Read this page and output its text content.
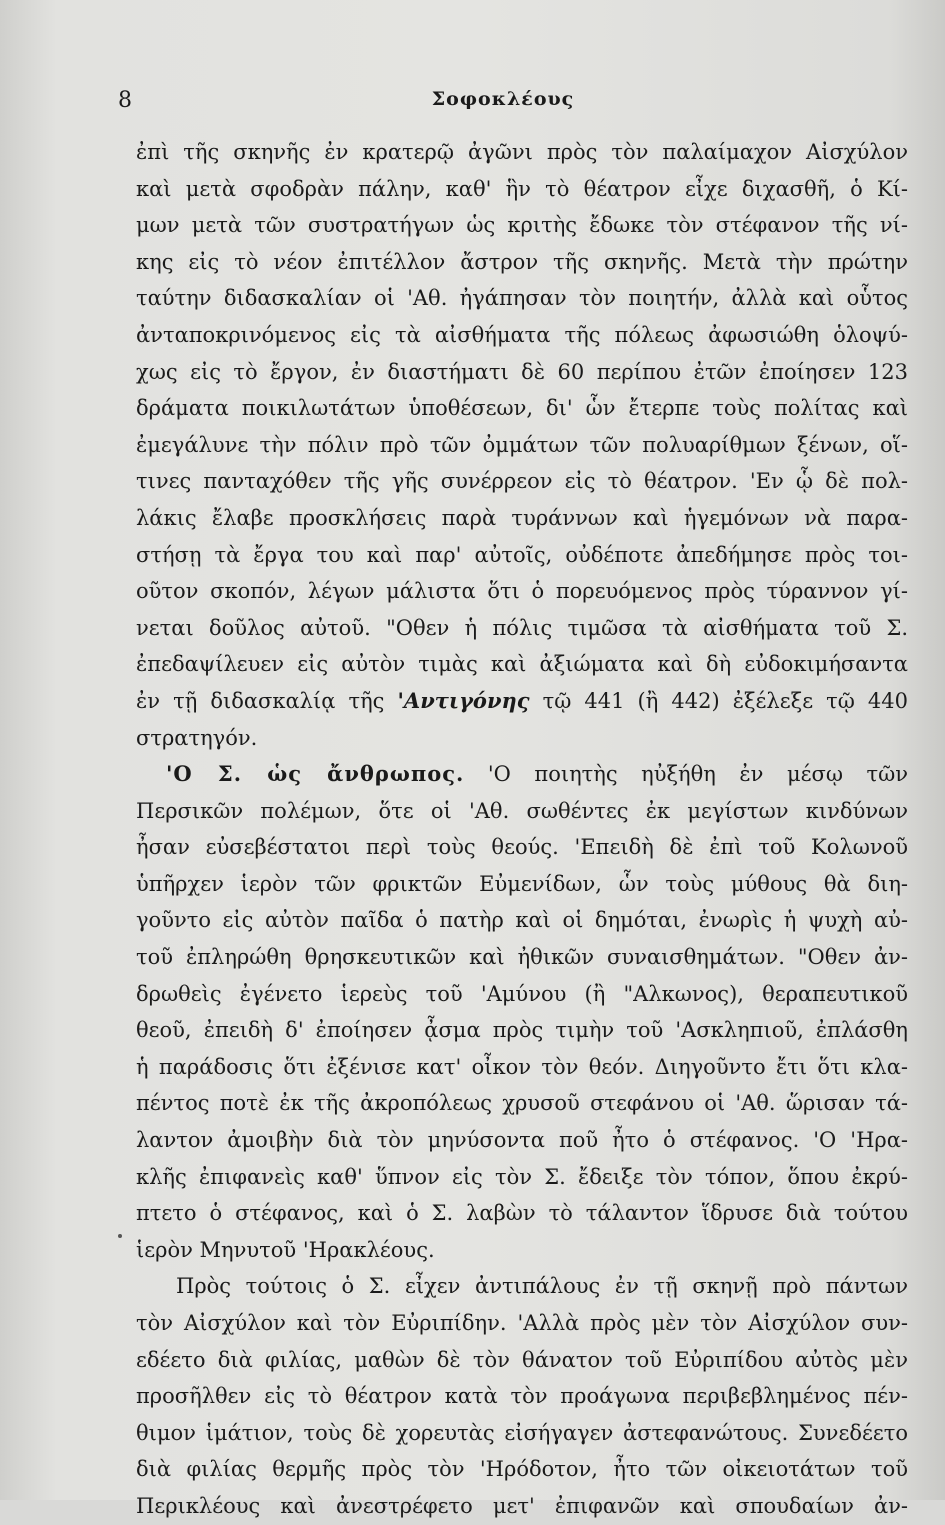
8	Σοφοκλέους
ἐπὶ τῆς σκηνῆς ἐν κρατερῷ ἀγῶνι πρὸς τὸν παλαίμαχον Αἰσχύλον
καὶ μετὰ σφοδρὰν πάλην, καθ' ἣν τὸ θέατρον εἶχε διχασθῆ, ὁ Κί-
μων μετὰ τῶν συστρατήγων ὡς κριτὴς ἔδωκε τὸν στέφανον τῆς νί-
κης εἰς τὸ νέον ἐπιτέλλον ἄστρον τῆς σκηνῆς. Μετὰ τὴν πρώτην
ταύτην διδασκαλίαν οἱ 'Αθ. ἠγάπησαν τὸν ποιητήν, ἀλλὰ καὶ οὗτος
ἀνταποκρινόμενος εἰς τὰ αἰσθήματα τῆς πόλεως ἀφωσιώθη ὁλοψύ-
χως εἰς τὸ ἔργον, ἐν διαστήματι δὲ 60 περίπου ἐτῶν ἐποίησεν 123
δράματα ποικιλωτάτων ὑποθέσεων, δι' ὧν ἔτερπε τοὺς πολίτας καὶ
ἐμεγάλυνε τὴν πόλιν πρὸ τῶν ὀμμάτων τῶν πολυαρίθμων ξένων, οἵ-
τινες πανταχόθεν τῆς γῆς συνέρρεον εἰς τὸ θέατρον. 'Εν ᾧ δὲ πολ-
λάκις ἔλαβε προσκλήσεις παρὰ τυράννων καὶ ἡγεμόνων νὰ παρα-
στήσῃ τὰ ἔργα του καὶ παρ' αὐτοῖς, οὐδέποτε ἀπεδήμησε πρὸς τοι-
οῦτον σκοπόν, λέγων μάλιστα ὅτι ὁ πορευόμενος πρὸς τύραννον γί-
νεται δοῦλος αὐτοῦ. "Οθεν ἡ πόλις τιμῶσα τὰ αἰσθήματα τοῦ Σ.
ἐπεδαψίλευεν εἰς αὐτὸν τιμὰς καὶ ἀξιώματα καὶ δὴ εὐδοκιμήσαντα
ἐν τῇ διδασκαλίᾳ τῆς 'Αντιγόνης τῷ 441 (ἢ 442) ἐξέλεξε τῷ 440
στρατηγόν.
'Ο Σ. ὡς ἄνθρωπος. 'Ο ποιητὴς ηὐξήθη ἐν μέσῳ τῶν
Περσικῶν πολέμων, ὅτε οἱ 'Αθ. σωθέντες ἐκ μεγίστων κινδύνων
ἦσαν εὐσεβέστατοι περὶ τοὺς θεούς. 'Επειδὴ δὲ ἐπὶ τοῦ Κολωνοῦ
ὑπῆρχεν ἱερὸν τῶν φρικτῶν Εὐμενίδων, ὧν τοὺς μύθους θὰ διη-
γοῦντο εἰς αὐτὸν παῖδα ὁ πατὴρ καὶ οἱ δημόται, ἐνωρὶς ἡ ψυχὴ αὐ-
τοῦ ἐπληρώθη θρησκευτικῶν καὶ ἠθικῶν συναισθημάτων. "Οθεν ἀν-
δρωθεὶς ἐγένετο ἱερεὺς τοῦ 'Αμύνου (ἢ "Αλκωνος), θεραπευτικοῦ
θεοῦ, ἐπειδὴ δ' ἐποίησεν ᾆσμα πρὸς τιμὴν τοῦ 'Ασκληπιοῦ, ἐπλάσθη
ἡ παράδοσις ὅτι ἐξένισε κατ' οἶκον τὸν θεόν. Διηγοῦντο ἔτι ὅτι κλα-
πέντος ποτὲ ἐκ τῆς ἀκροπόλεως χρυσοῦ στεφάνου οἱ 'Αθ. ὥρισαν τά-
λαντον ἀμοιβὴν διὰ τὸν μηνύσοντα ποῦ ἦτο ὁ στέφανος. 'Ο 'Ηρα-
κλῆς ἐπιφανεὶς καθ' ὕπνον εἰς τὸν Σ. ἔδειξε τὸν τόπον, ὅπου ἐκρύ-
πτετο ὁ στέφανος, καὶ ὁ Σ. λαβὼν τὸ τάλαντον ἵδρυσε διὰ τούτου
ἱερὸν Μηνυτοῦ 'Ηρακλέους.
Πρὸς τούτοις ὁ Σ. εἶχεν ἀντιπάλους ἐν τῇ σκηνῇ πρὸ πάντων
τὸν Αἰσχύλον καὶ τὸν Εὐριπίδην. 'Αλλὰ πρὸς μὲν τὸν Αἰσχύλον συν-
εδέετο διὰ φιλίας, μαθὼν δὲ τὸν θάνατον τοῦ Εὐριπίδου αὐτὸς μὲν
προσῆλθεν εἰς τὸ θέατρον κατὰ τὸν προάγωνα περιβεβλημένος πέν-
θιμον ἱμάτιον, τοὺς δὲ χορευτὰς εἰσήγαγεν ἀστεφανώτους. Συνεδέετο
διὰ φιλίας θερμῆς πρὸς τὸν 'Ηρόδοτον, ἦτο τῶν οἰκειοτάτων τοῦ
Περικλέους καὶ ἀνεστρέφετο μετ' ἐπιφανῶν καὶ σπουδαίων ἀν-
